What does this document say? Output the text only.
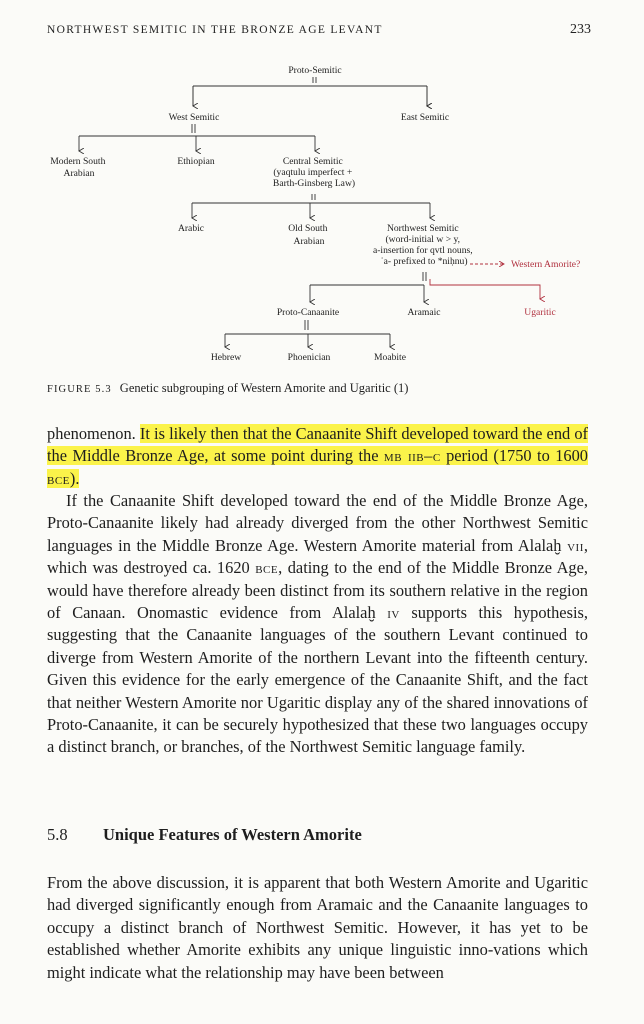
NORTHWEST SEMITIC IN THE BRONZE AGE LEVANT	233
Proto-Semitic
West Semitic	East Semitic
Modern South Arabian
Ethiopian	Central Semitic (yaqtulu imperfect + Barth-Ginsberg Law)
Arabic	Old South Arabian
Northwest Semitic (word-initial w > y, a-insertion for qvtl nouns, ʾa- prefixed to *niḥnu)	Western Amorite?
Proto-Canaanite	Aramaic	Ugaritic
Hebrew	Phoenician	Moabite
FIGURE 5.3 Genetic subgrouping of Western Amorite and Ugaritic (1)
phenomenon. It is likely then that the Canaanite Shift developed toward the end of the Middle Bronze Age, at some point during the mb iib–c period (1750 to 1600 bce).
If the Canaanite Shift developed toward the end of the Middle Bronze Age, Proto-Canaanite likely had already diverged from the other Northwest Semitic languages in the Middle Bronze Age. Western Amorite material from Alalaḫ vii, which was destroyed ca. 1620 bce, dating to the end of the Middle Bronze Age, would have therefore already been distinct from its southern relative in the region of Canaan. Onomastic evidence from Alalaḫ iv supports this hypothesis, suggesting that the Canaanite languages of the southern Levant continued to diverge from Western Amorite of the northern Levant into the fifteenth century. Given this evidence for the early emergence of the Canaanite Shift, and the fact that neither Western Amorite nor Ugaritic display any of the shared innovations of Proto-Canaanite, it can be securely hypothesized that these two languages occupy a distinct branch, or branches, of the Northwest Semitic language family.
5.8 Unique Features of Western Amorite
From the above discussion, it is apparent that both Western Amorite and Ugaritic had diverged significantly enough from Aramaic and the Canaanite languages to occupy a distinct branch of Northwest Semitic. However, it has yet to be established whether Amorite exhibits any unique linguistic inno-vations which might indicate what the relationship may have been between
